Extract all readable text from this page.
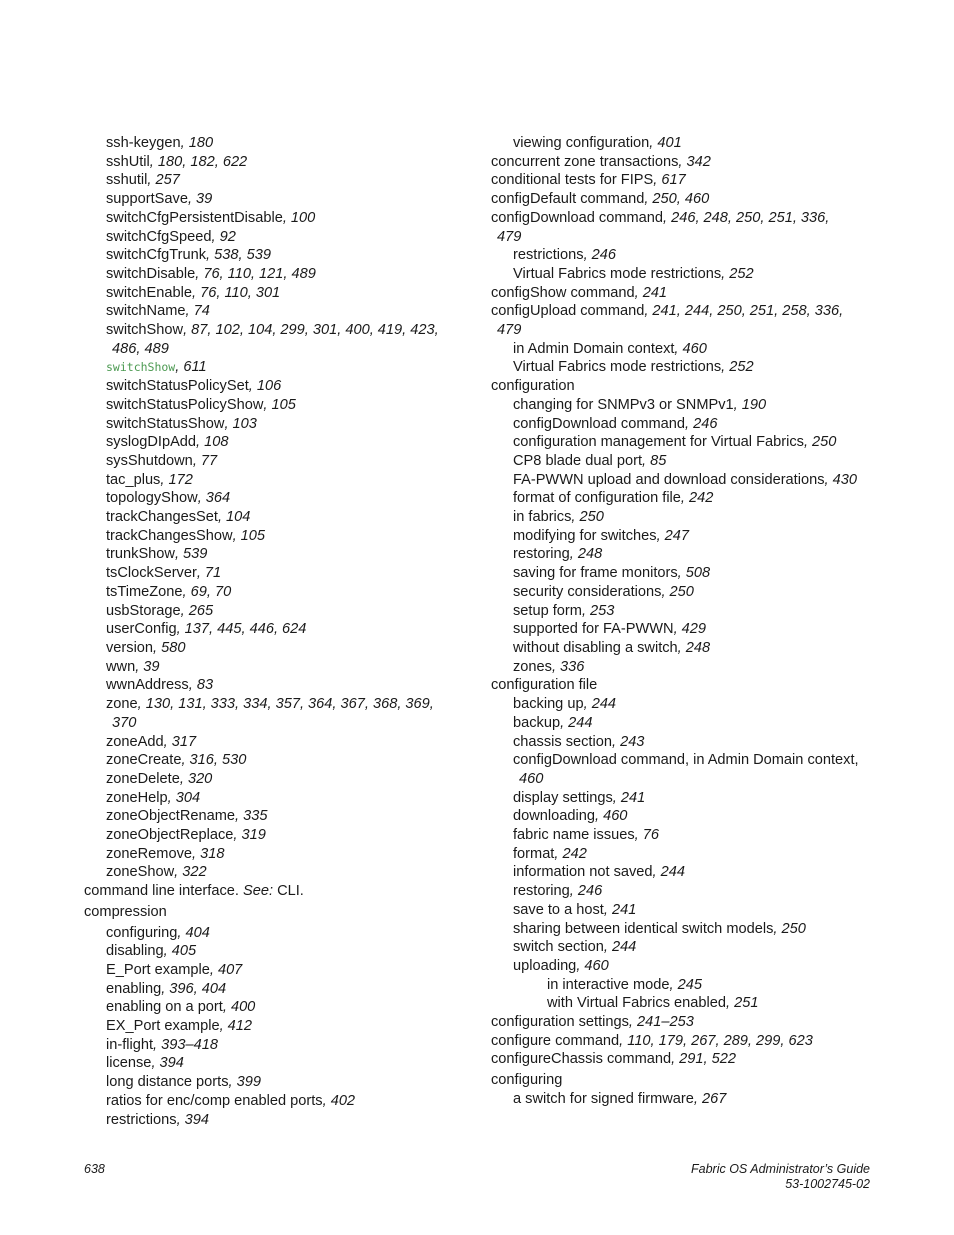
ssh-keygen, 180
sshUtil, 180, 182, 622
sshutil, 257
supportSave, 39
switchCfgPersistentDisable, 100
switchCfgSpeed, 92
switchCfgTrunk, 538, 539
switchDisable, 76, 110, 121, 489
switchEnable, 76, 110, 301
switchName, 74
switchShow, 87, 102, 104, 299, 301, 400, 419, 423,
486, 489
switchShow, 611
switchStatusPolicySet, 106
switchStatusPolicyShow, 105
switchStatusShow, 103
syslogDIpAdd, 108
sysShutdown, 77
tac_plus, 172
topologyShow, 364
trackChangesSet, 104
trackChangesShow, 105
trunkShow, 539
tsClockServer, 71
tsTimeZone, 69, 70
usbStorage, 265
userConfig, 137, 445, 446, 624
version, 580
wwn, 39
wwnAddress, 83
zone, 130, 131, 333, 334, 357, 364, 367, 368, 369,
370
zoneAdd, 317
zoneCreate, 316, 530
zoneDelete, 320
zoneHelp, 304
zoneObjectRename, 335
zoneObjectReplace, 319
zoneRemove, 318
zoneShow, 322
command line interface. See: CLI.
compression
configuring, 404
disabling, 405
E_Port example, 407
enabling, 396, 404
enabling on a port, 400
EX_Port example, 412
in-flight, 393–418
license, 394
long distance ports, 399
ratios for enc/comp enabled ports, 402
restrictions, 394
viewing configuration, 401
concurrent zone transactions, 342
conditional tests for FIPS, 617
configDefault command, 250, 460
configDownload command, 246, 248, 250, 251, 336,
479
restrictions, 246
Virtual Fabrics mode restrictions, 252
configShow command, 241
configUpload command, 241, 244, 250, 251, 258, 336,
479
in Admin Domain context, 460
Virtual Fabrics mode restrictions, 252
configuration
changing for SNMPv3 or SNMPv1, 190
configDownload command, 246
configuration management for Virtual Fabrics, 250
CP8 blade dual port, 85
FA-PWWN upload and download considerations, 430
format of configuration file, 242
in fabrics, 250
modifying for switches, 247
restoring, 248
saving for frame monitors, 508
security considerations, 250
setup form, 253
supported for FA-PWWN, 429
without disabling a switch, 248
zones, 336
configuration file
backing up, 244
backup, 244
chassis section, 243
configDownload command, in Admin Domain context,
460
display settings, 241
downloading, 460
fabric name issues, 76
format, 242
information not saved, 244
restoring, 246
save to a host, 241
sharing between identical switch models, 250
switch section, 244
uploading, 460
in interactive mode, 245
with Virtual Fabrics enabled, 251
configuration settings, 241–253
configure command, 110, 179, 267, 289, 299, 623
configureChassis command, 291, 522
configuring
a switch for signed firmware, 267
638	Fabric OS Administrator’s Guide
53-1002745-02
